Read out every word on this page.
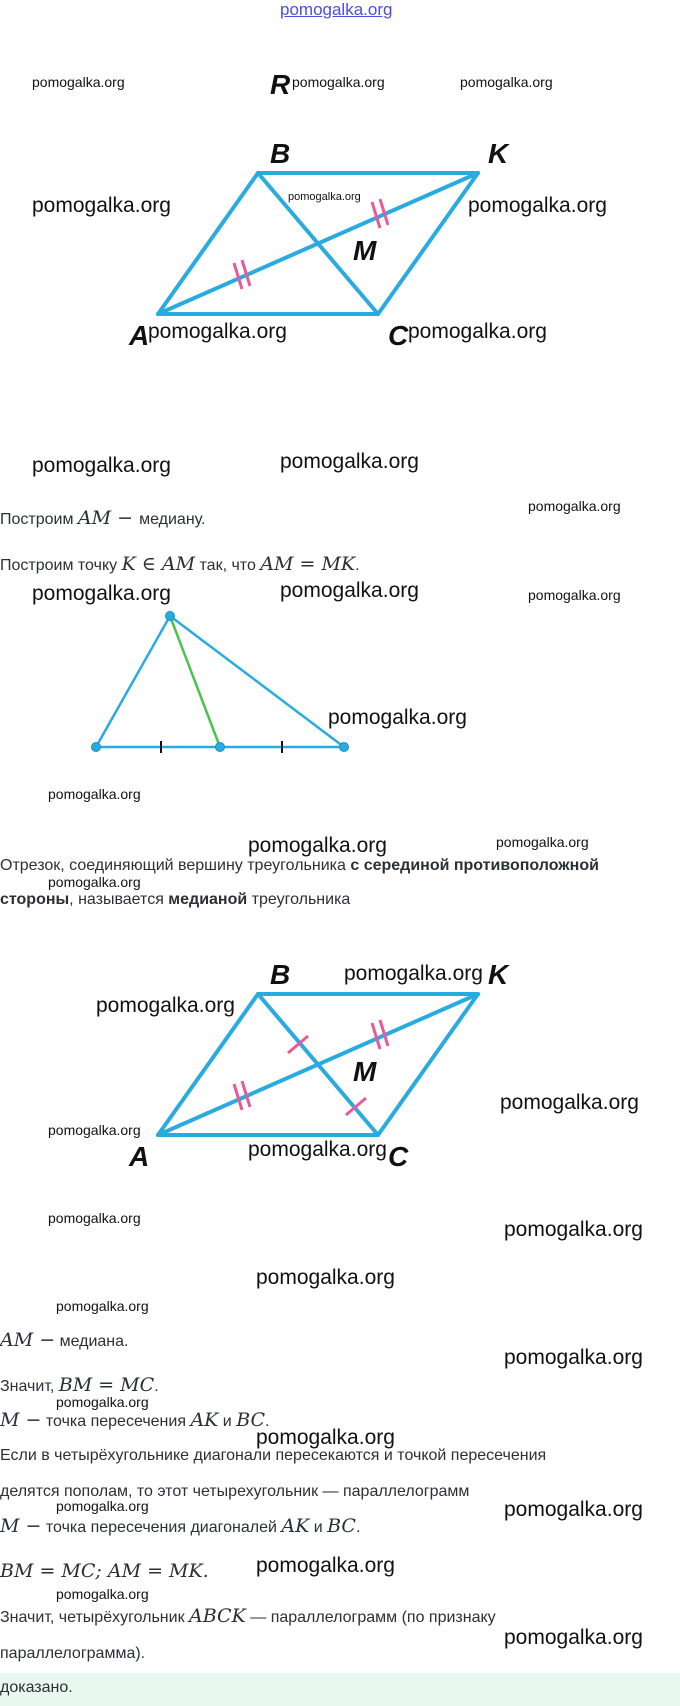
pomogalka.org
B	K
M
A	C
R
B	K
M
A	C
pomogalka.org	pomogalka.org	pomogalka.org
pomogalka.org	pomogalka.org	pomogalka.org
pomogalka.org	pomogalka.org
pomogalka.org	pomogalka.org
pomogalka.org
pomogalka.org	pomogalka.org	pomogalka.org
pomogalka.org
pomogalka.org
pomogalka.org	pomogalka.org
pomogalka.org
pomogalka.org
pomogalka.org
pomogalka.org
pomogalka.org
pomogalka.org
pomogalka.org	pomogalka.org
pomogalka.org
pomogalka.org
pomogalka.org
pomogalka.org
pomogalka.org
pomogalka.org	pomogalka.org
pomogalka.org
pomogalka.org
pomogalka.org
Построим AM − медиану.
Построим точку K ∈ AM так, что AM = MK.
Отрезок, соединяющий вершину треугольника с серединой противоположной
стороны, называется медианой треугольника
AM − медиана.
Значит, BM = MC.
M − точка пересечения AK и BC.
Если в четырёхугольнике диагонали пересекаются и точкой пересечения
делятся пополам, то этот четырехугольник — параллелограмм
M − точка пересечения диагоналей AK и BC.
BM = MC; AM = MK.
Значит, четырёхугольник ABCK — параллелограмм (по признаку
параллелограмма).
доказано.
